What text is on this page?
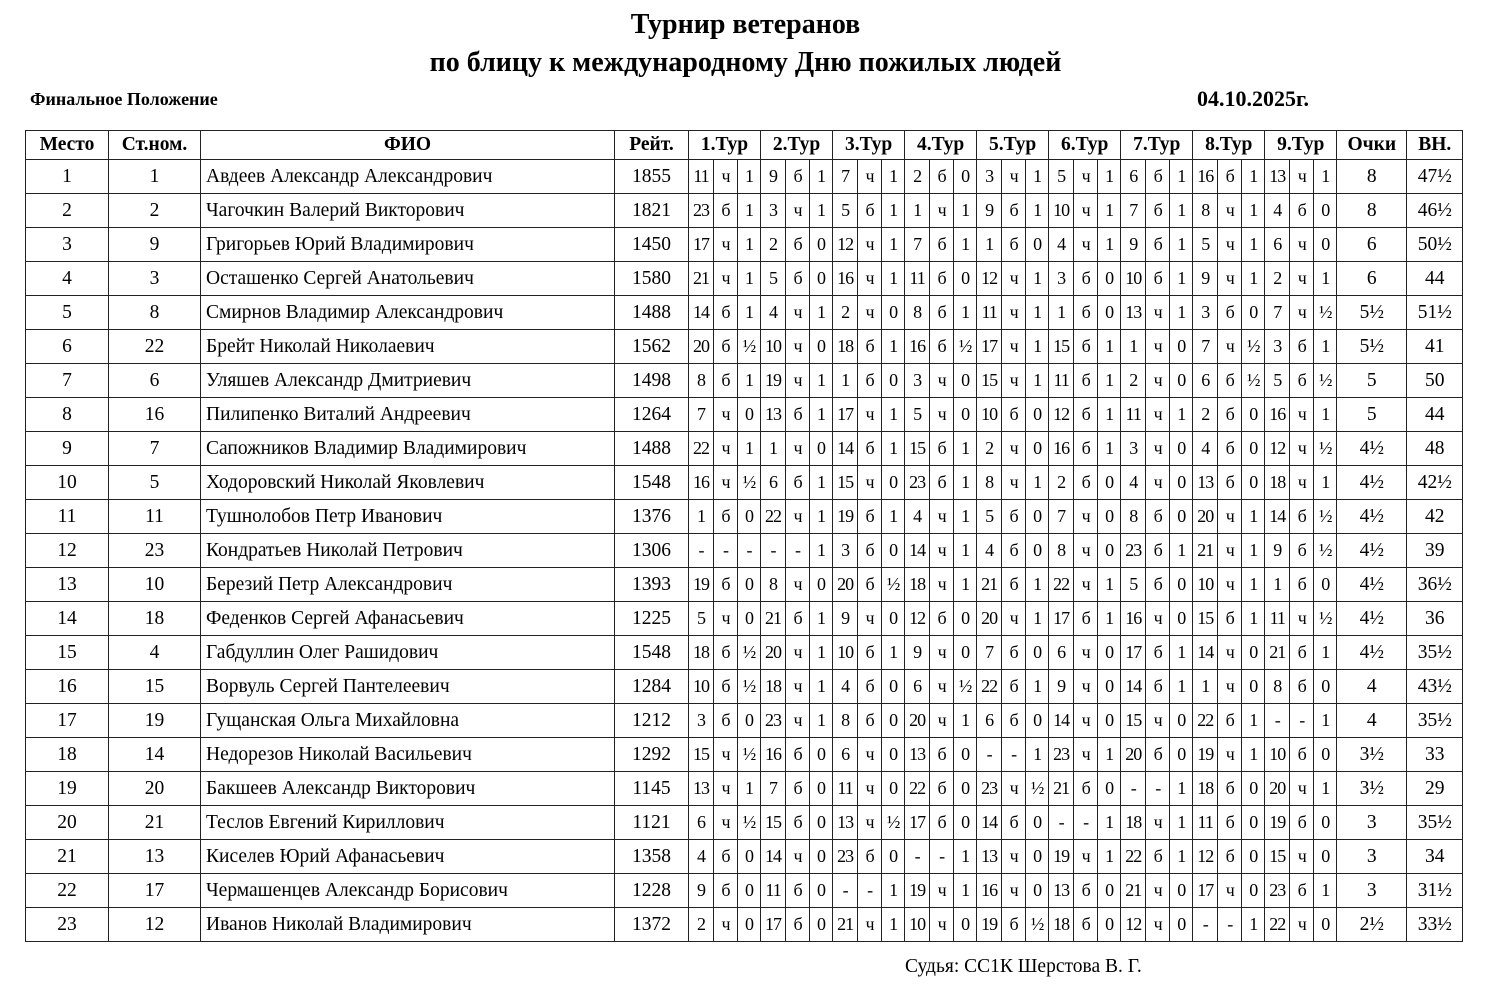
Турнир ветеранов
по блицу к международному Дню пожилых людей
Финальное Положение	04.10.2025г.
Место	Ст.ном.	ФИО	Рейт.	1.Тур			2.Тур			3.Тур			4.Тур			5.Тур			6.Тур			7.Тур			8.Тур			9.Тур			Очки	ВН.
1	1	Авдеев Александр Александрович	1855	11	ч	1	9	б	1	7	ч	1	2	б	0	3	ч	1	5	ч	1	6	б	1	16	б	1	13	ч	1	8	47½
2	2	Чагочкин Валерий Викторович	1821	23	б	1	3	ч	1	5	б	1	1	ч	1	9	б	1	10	ч	1	7	б	1	8	ч	1	4	б	0	8	46½
3	9	Григорьев Юрий Владимирович	1450	17	ч	1	2	б	0	12	ч	1	7	б	1	1	б	0	4	ч	1	9	б	1	5	ч	1	6	ч	0	6	50½
4	3	Осташенко Сергей Анатольевич	1580	21	ч	1	5	б	0	16	ч	1	11	б	0	12	ч	1	3	б	0	10	б	1	9	ч	1	2	ч	1	6	44
5	8	Смирнов Владимир Александрович	1488	14	б	1	4	ч	1	2	ч	0	8	б	1	11	ч	1	1	б	0	13	ч	1	3	б	0	7	ч	½	5½	51½
6	22	Брейт Николай Николаевич	1562	20	б	½	10	ч	0	18	б	1	16	б	½	17	ч	1	15	б	1	1	ч	0	7	ч	½	3	б	1	5½	41
7	6	Уляшев Александр Дмитриевич	1498	8	б	1	19	ч	1	1	б	0	3	ч	0	15	ч	1	11	б	1	2	ч	0	6	б	½	5	б	½	5	50
8	16	Пилипенко Виталий Андреевич	1264	7	ч	0	13	б	1	17	ч	1	5	ч	0	10	б	0	12	б	1	11	ч	1	2	б	0	16	ч	1	5	44
9	7	Сапожников Владимир Владимирович	1488	22	ч	1	1	ч	0	14	б	1	15	б	1	2	ч	0	16	б	1	3	ч	0	4	б	0	12	ч	½	4½	48
10	5	Ходоровский Николай Яковлевич	1548	16	ч	½	6	б	1	15	ч	0	23	б	1	8	ч	1	2	б	0	4	ч	0	13	б	0	18	ч	1	4½	42½
11	11	Тушнолобов Петр Иванович	1376	1	б	0	22	ч	1	19	б	1	4	ч	1	5	б	0	7	ч	0	8	б	0	20	ч	1	14	б	½	4½	42
12	23	Кондратьев Николай Петрович	1306	-	-	-	-	-	1	3	б	0	14	ч	1	4	б	0	8	ч	0	23	б	1	21	ч	1	9	б	½	4½	39
13	10	Березий Петр Александрович	1393	19	б	0	8	ч	0	20	б	½	18	ч	1	21	б	1	22	ч	1	5	б	0	10	ч	1	1	б	0	4½	36½
14	18	Феденков Сергей Афанасьевич	1225	5	ч	0	21	б	1	9	ч	0	12	б	0	20	ч	1	17	б	1	16	ч	0	15	б	1	11	ч	½	4½	36
15	4	Габдуллин Олег Рашидович	1548	18	б	½	20	ч	1	10	б	1	9	ч	0	7	б	0	6	ч	0	17	б	1	14	ч	0	21	б	1	4½	35½
16	15	Ворвуль Сергей Пантелеевич	1284	10	б	½	18	ч	1	4	б	0	6	ч	½	22	б	1	9	ч	0	14	б	1	1	ч	0	8	б	0	4	43½
17	19	Гущанская Ольга Михайловна	1212	3	б	0	23	ч	1	8	б	0	20	ч	1	6	б	0	14	ч	0	15	ч	0	22	б	1	-	-	1	4	35½
18	14	Недорезов Николай Васильевич	1292	15	ч	½	16	б	0	6	ч	0	13	б	0	-	-	1	23	ч	1	20	б	0	19	ч	1	10	б	0	3½	33
19	20	Бакшеев Александр Викторович	1145	13	ч	1	7	б	0	11	ч	0	22	б	0	23	ч	½	21	б	0	-	-	1	18	б	0	20	ч	1	3½	29
20	21	Теслов Евгений Кириллович	1121	6	ч	½	15	б	0	13	ч	½	17	б	0	14	б	0	-	-	1	18	ч	1	11	б	0	19	б	0	3	35½
21	13	Киселев Юрий Афанасьевич	1358	4	б	0	14	ч	0	23	б	0	-	-	1	13	ч	0	19	ч	1	22	б	1	12	б	0	15	ч	0	3	34
22	17	Чермашенцев Александр Борисович	1228	9	б	0	11	б	0	-	-	1	19	ч	1	16	ч	0	13	б	0	21	ч	0	17	ч	0	23	б	1	3	31½
23	12	Иванов Николай Владимирович	1372	2	ч	0	17	б	0	21	ч	1	10	ч	0	19	б	½	18	б	0	12	ч	0	-	-	1	22	ч	0	2½	33½
Судья: СС1К Шерстова В. Г.
